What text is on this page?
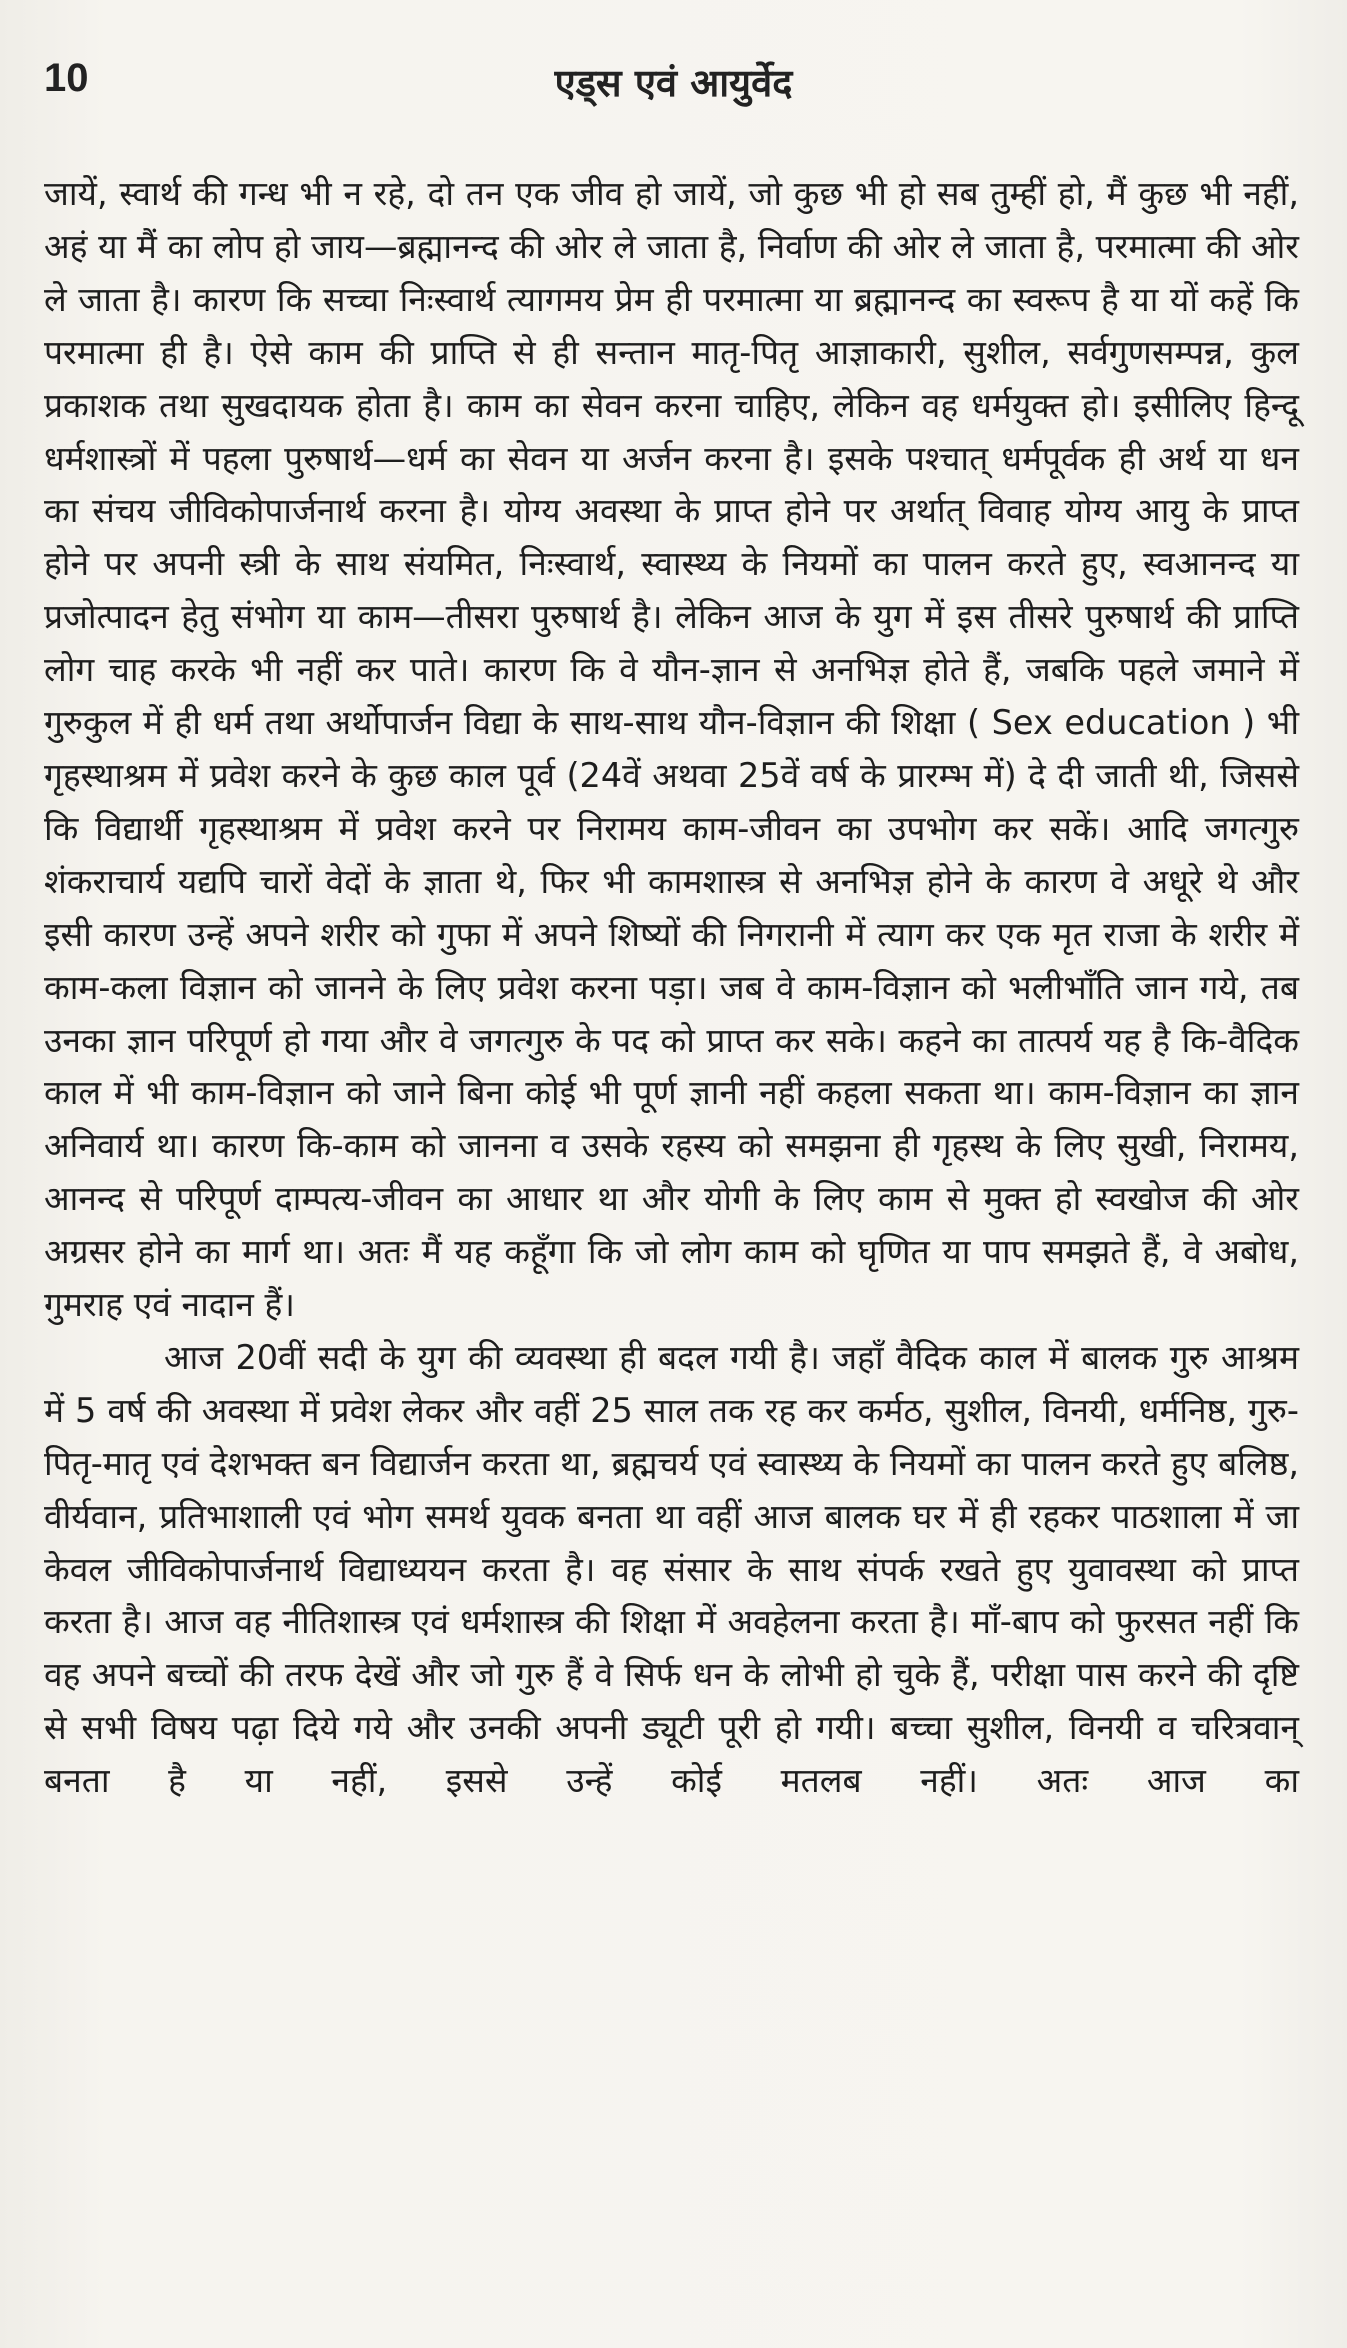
10	एड्स एवं आयुर्वेद

जायें, स्वार्थ की गन्ध भी न रहे, दो तन एक जीव हो जायें, जो कुछ भी हो सब तुम्हीं हो, मैं कुछ भी नहीं, अहं या मैं का लोप हो जाय—ब्रह्मानन्द की ओर ले जाता है, निर्वाण की ओर ले जाता है, परमात्मा की ओर ले जाता है। कारण कि सच्चा निःस्वार्थ त्यागमय प्रेम ही परमात्मा या ब्रह्मानन्द का स्वरूप है या यों कहें कि परमात्मा ही है। ऐसे काम की प्राप्ति से ही सन्तान मातृ-पितृ आज्ञाकारी, सुशील, सर्वगुणसम्पन्न, कुल प्रकाशक तथा सुखदायक होता है। काम का सेवन करना चाहिए, लेकिन वह धर्मयुक्त हो। इसीलिए हिन्दू धर्मशास्त्रों में पहला पुरुषार्थ—धर्म का सेवन या अर्जन करना है। इसके पश्चात् धर्मपूर्वक ही अर्थ या धन का संचय जीविकोपार्जनार्थ करना है। योग्य अवस्था के प्राप्त होने पर अर्थात् विवाह योग्य आयु के प्राप्त होने पर अपनी स्त्री के साथ संयमित, निःस्वार्थ, स्वास्थ्य के नियमों का पालन करते हुए, स्वआनन्द या प्रजोत्पादन हेतु संभोग या काम—तीसरा पुरुषार्थ है। लेकिन आज के युग में इस तीसरे पुरुषार्थ की प्राप्ति लोग चाह करके भी नहीं कर पाते। कारण कि वे यौन-ज्ञान से अनभिज्ञ होते हैं, जबकि पहले जमाने में गुरुकुल में ही धर्म तथा अर्थोपार्जन विद्या के साथ-साथ यौन-विज्ञान की शिक्षा ( Sex education ) भी गृहस्थाश्रम में प्रवेश करने के कुछ काल पूर्व (24वें अथवा 25वें वर्ष के प्रारम्भ में) दे दी जाती थी, जिससे कि विद्यार्थी गृहस्थाश्रम में प्रवेश करने पर निरामय काम-जीवन का उपभोग कर सकें। आदि जगत्गुरु शंकराचार्य यद्यपि चारों वेदों के ज्ञाता थे, फिर भी कामशास्त्र से अनभिज्ञ होने के कारण वे अधूरे थे और इसी कारण उन्हें अपने शरीर को गुफा में अपने शिष्यों की निगरानी में त्याग कर एक मृत राजा के शरीर में काम-कला विज्ञान को जानने के लिए प्रवेश करना पड़ा। जब वे काम-विज्ञान को भलीभाँति जान गये, तब उनका ज्ञान परिपूर्ण हो गया और वे जगत्गुरु के पद को प्राप्त कर सके। कहने का तात्पर्य यह है कि-वैदिक काल में भी काम-विज्ञान को जाने बिना कोई भी पूर्ण ज्ञानी नहीं कहला सकता था। काम-विज्ञान का ज्ञान अनिवार्य था। कारण कि-काम को जानना व उसके रहस्य को समझना ही गृहस्थ के लिए सुखी, निरामय, आनन्द से परिपूर्ण दाम्पत्य-जीवन का आधार था और योगी के लिए काम से मुक्त हो स्वखोज की ओर अग्रसर होने का मार्ग था। अतः मैं यह कहूँगा कि जो लोग काम को घृणित या पाप समझते हैं, वे अबोध, गुमराह एवं नादान हैं।

आज 20वीं सदी के युग की व्यवस्था ही बदल गयी है। जहाँ वैदिक काल में बालक गुरु आश्रम में 5 वर्ष की अवस्था में प्रवेश लेकर और वहीं 25 साल तक रह कर कर्मठ, सुशील, विनयी, धर्मनिष्ठ, गुरु-पितृ-मातृ एवं देशभक्त बन विद्यार्जन करता था, ब्रह्मचर्य एवं स्वास्थ्य के नियमों का पालन करते हुए बलिष्ठ, वीर्यवान, प्रतिभाशाली एवं भोग समर्थ युवक बनता था वहीं आज बालक घर में ही रहकर पाठशाला में जा केवल जीविकोपार्जनार्थ विद्याध्ययन करता है। वह संसार के साथ संपर्क रखते हुए युवावस्था को प्राप्त करता है। आज वह नीतिशास्त्र एवं धर्मशास्त्र की शिक्षा में अवहेलना करता है। माँ-बाप को फुरसत नहीं कि वह अपने बच्चों की तरफ देखें और जो गुरु हैं वे सिर्फ धन के लोभी हो चुके हैं, परीक्षा पास करने की दृष्टि से सभी विषय पढ़ा दिये गये और उनकी अपनी ड्यूटी पूरी हो गयी। बच्चा सुशील, विनयी व चरित्रवान् बनता है या नहीं, इससे उन्हें कोई मतलब नहीं। अतः आज का
